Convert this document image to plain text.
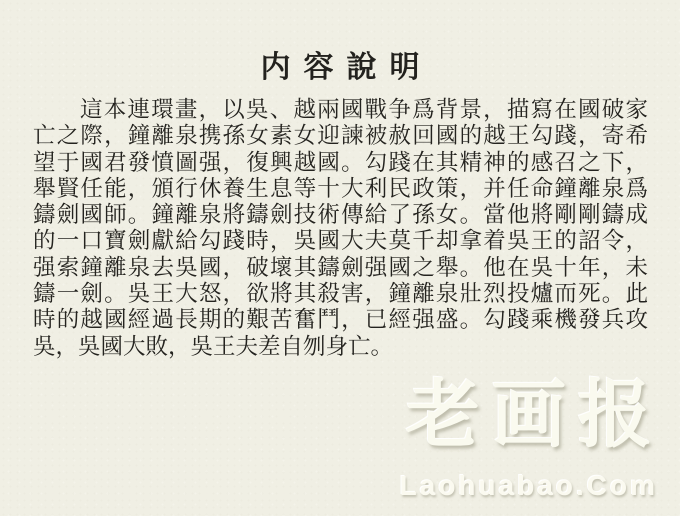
内容說明
這本連環畫，以吳、越兩國戰争爲背景，描寫在國破家
亡之際，鐘離泉携孫女素女迎諫被赦回國的越王勾踐，寄希
望于國君發憤圖强，復興越國。勾踐在其精神的感召之下，
舉賢任能，頒行休養生息等十大利民政策，并任命鐘離泉爲
鑄劍國師。鐘離泉將鑄劍技術傳給了孫女。當他將剛剛鑄成
的一口寶劍獻給勾踐時，吳國大夫莫千却拿着吳王的詔令，
强索鐘離泉去吳國，破壞其鑄劍强國之舉。他在吳十年，未
鑄一劍。吳王大怒，欲將其殺害，鐘離泉壯烈投爐而死。此
時的越國經過長期的艱苦奮鬥，已經强盛。勾踐乘機發兵攻
吳，吳國大敗，吳王夫差自刎身亡。
老画报
Laohuabao.Com
